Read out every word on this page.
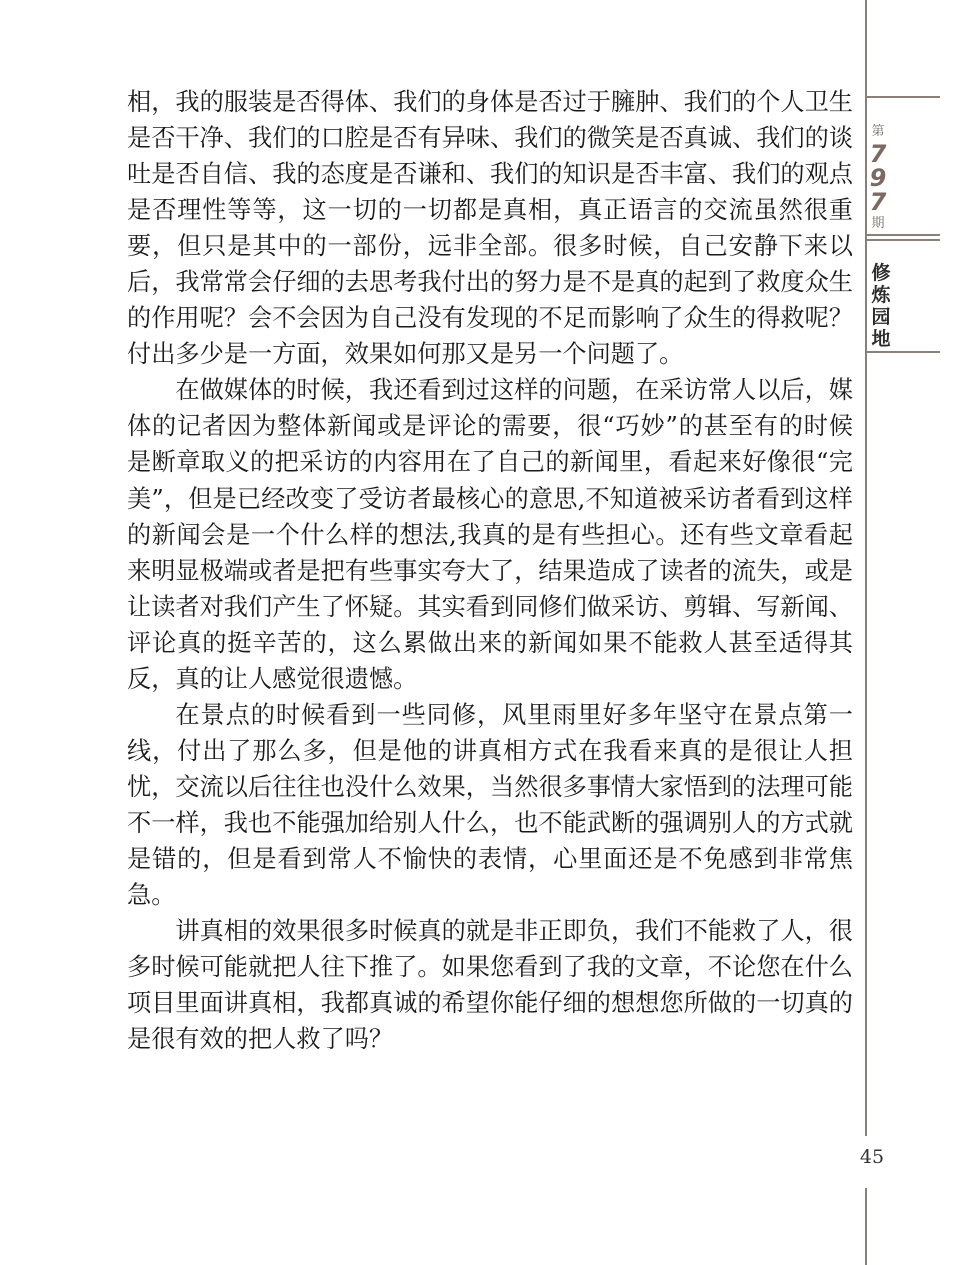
相，我的服装是否得体、我们的身体是否过于臃肿、我们的个人卫生是否干净、我们的口腔是否有异味、我们的微笑是否真诚、我们的谈吐是否自信、我的态度是否谦和、我们的知识是否丰富、我们的观点是否理性等等，这一切的一切都是真相，真正语言的交流虽然很重要，但只是其中的一部份，远非全部。很多时候，自己安静下来以后，我常常会仔细的去思考我付出的努力是不是真的起到了救度众生的作用呢？会不会因为自己没有发现的不足而影响了众生的得救呢？付出多少是一方面，效果如何那又是另一个问题了。

在做媒体的时候，我还看到过这样的问题，在采访常人以后，媒体的记者因为整体新闻或是评论的需要，很“巧妙”的甚至有的时候是断章取义的把采访的内容用在了自己的新闻里，看起来好像很“完美”，但是已经改变了受访者最核心的意思,不知道被采访者看到这样的新闻会是一个什么样的想法,我真的是有些担心。还有些文章看起来明显极端或者是把有些事实夸大了，结果造成了读者的流失，或是让读者对我们产生了怀疑。其实看到同修们做采访、剪辑、写新闻、评论真的挺辛苦的，这么累做出来的新闻如果不能救人甚至适得其反，真的让人感觉很遗憾。

在景点的时候看到一些同修，风里雨里好多年坚守在景点第一线，付出了那么多，但是他的讲真相方式在我看来真的是很让人担忧，交流以后往往也没什么效果，当然很多事情大家悟到的法理可能不一样，我也不能强加给别人什么，也不能武断的强调别人的方式就是错的，但是看到常人不愉快的表情，心里面还是不免感到非常焦急。

讲真相的效果很多时候真的就是非正即负，我们不能救了人，很多时候可能就把人往下推了。如果您看到了我的文章，不论您在什么项目里面讲真相，我都真诚的希望你能仔细的想想您所做的一切真的是很有效的把人救了吗？

第
7
9
7
期
修
炼
园
地
45
